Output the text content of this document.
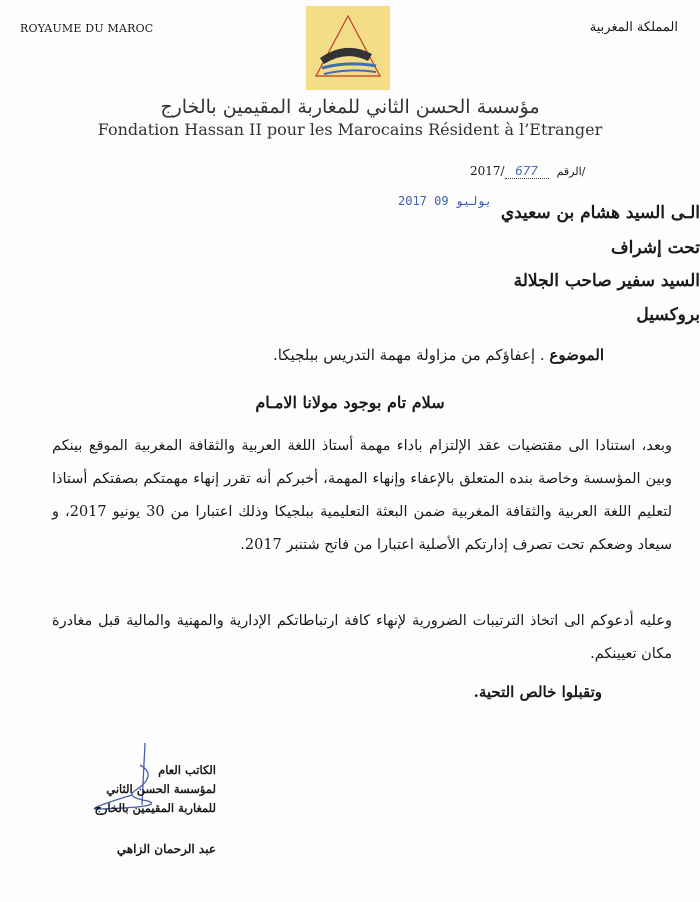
ROYAUME DU MAROC	المملكة المغربية
مؤسسة الحسن الثاني للمغاربة المقيمين بالخارج
Fondation Hassan II pour les Marocains Résident à l’Etranger
2017/ 677 الرقم/
2017 يوليو 09
الـى السيد هشام بن سعيدي
تحت إشراف
السيد سفير صاحب الجلالة
بروكسيل
الموضوع . إعفاؤكم من مزاولة مهمة التدريس ببلجيكا.
سلام تام بوجود مولانا الامـام
وبعد، استنادا الى مقتضيات عقد الإلتزام باداء مهمة أستاذ اللغة العربية والثقافة المغربية الموقع بينكم وبين المؤسسة وخاصة بنده المتعلق بالإعفاء وإنهاء المهمة، أخبركم أنه تقرر إنهاء مهمتكم بصفتكم أستاذا لتعليم اللغة العربية والثقافة المغربية ضمن البعثة التعليمية ببلجيكا وذلك اعتبارا من 30 يونيو 2017، و سيعاد وضعكم تحت تصرف إدارتكم الأصلية اعتبارا من فاتح شتنبر 2017.
وعليه أدعوكم الى اتخاذ الترتيبات الضرورية لإنهاء كافة ارتباطاتكم الإدارية والمهنية والمالية قبل مغادرة مكان تعيينكم.
وتقبلوا خالص التحية.
الكاتب العام
لمؤسسة الحسن الثاني
للمغاربة المقيمين بالخارج
عبد الرحمان الزاهي
